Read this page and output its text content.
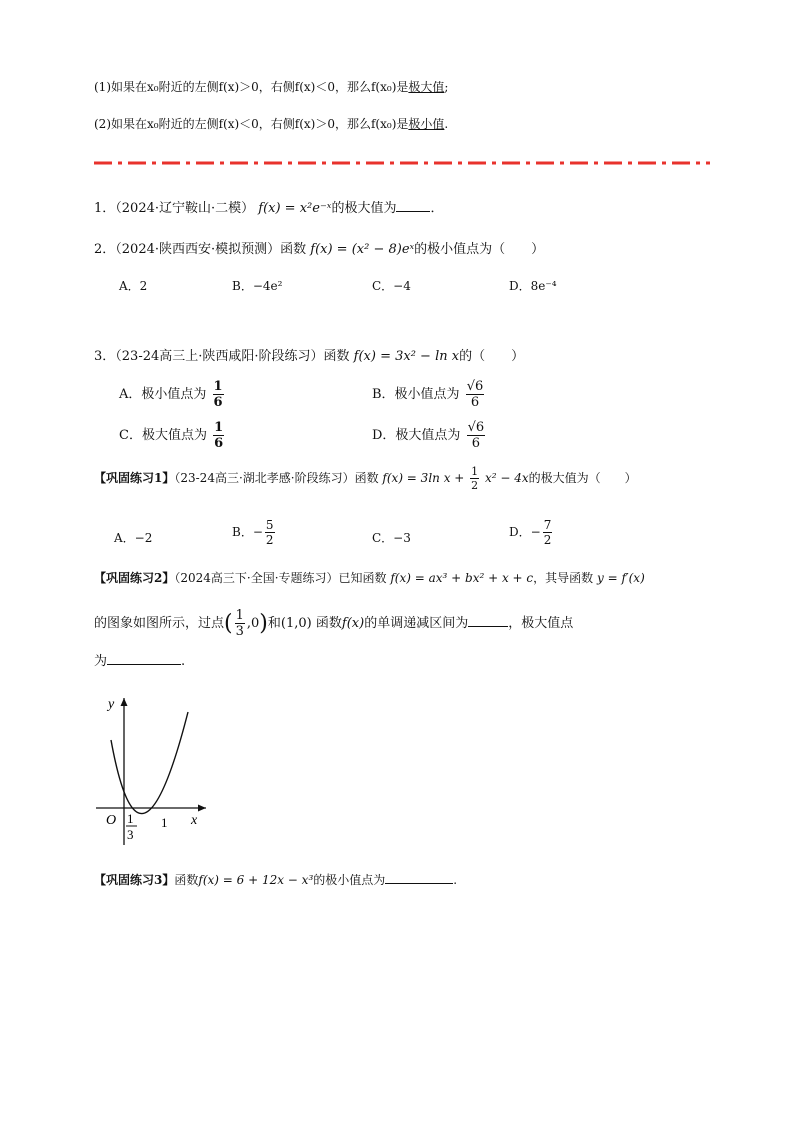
(1)如果在x₀附近的左侧f(x)＞0，右侧f(x)＜0，那么f(x₀)是极大值;
(2)如果在x₀附近的左侧f(x)＜0，右侧f(x)＞0，那么f(x₀)是极小值.
1．（2024·辽宁鞍山·二模） f(x) = x²e⁻ˣ的极大值为	．
2．（2024·陕西西安·模拟预测）函数 f(x) = (x² − 8)eˣ的极小值点为（　　）
A．2	B．−4e²	C．−4	D．8e⁻⁴
3．（23-24高三上·陕西咸阳·阶段练习）函数 f(x) = 3x² − ln x的（　　）
A．极小值点为 $\frac{1}{6}$	B．极小值点为 $\frac{√6}{6}$
C．极大值点为 $\frac{1}{6}$	D．极大值点为 $\frac{√6}{6}$
【巩固练习1】（23-24高三·湖北孝感·阶段练习）函数 f(x) = 3ln $x + \frac{1}{2} x^2 - 4x$的极大值为（　　）
A．−2	B．− $\frac{5}{2}$	C．−3	D．− $\frac{7}{2}$
【巩固练习2】（2024高三下·全国·专题练习）已知函数 f(x) = ax³ + bx² + x + c，其导函数 y = f′(x)
的图象如图所示，过点( $\frac{1}{3} ,0$)和(1,0) 函数f(x)的单调递减区间为	，极大值点
为	.
y
x
O 1
3
1
【巩固练习3】函数f(x) = 6 + 12x − x³的极小值点为	.
